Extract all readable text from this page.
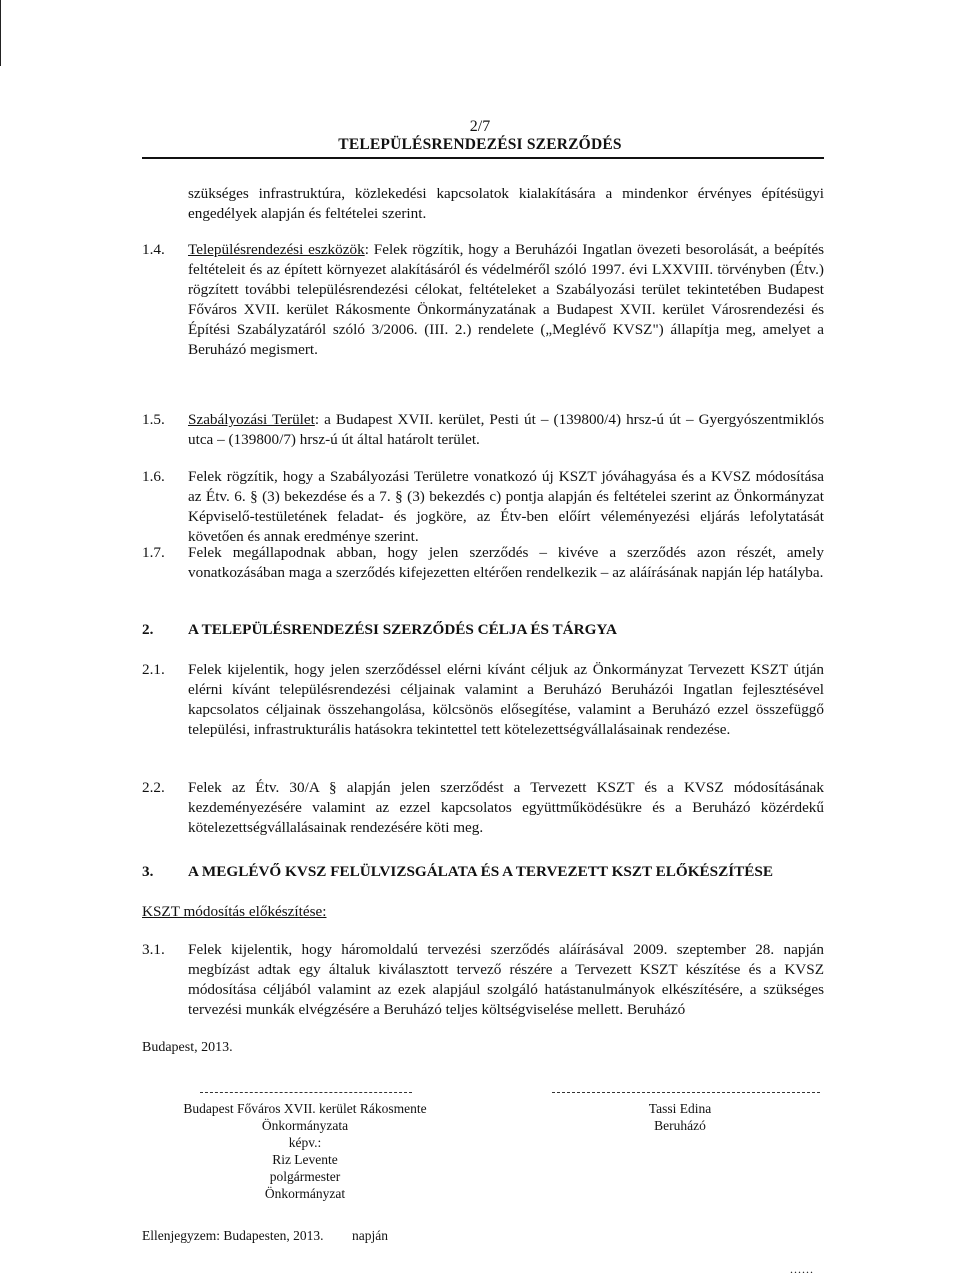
2/7
TELEPÜLÉSRENDEZÉSI SZERZŐDÉS
szükséges infrastruktúra, közlekedési kapcsolatok kialakítására a mindenkor érvényes építésügyi engedélyek alapján és feltételei szerint.
1.4. Településrendezési eszközök: Felek rögzítik, hogy a Beruházói Ingatlan övezeti besorolását, a beépítés feltételeit és az épített környezet alakításáról és védelméről szóló 1997. évi LXXVIII. törvényben (Étv.) rögzített további településrendezési célokat, feltételeket a Szabályozási terület tekintetében Budapest Főváros XVII. kerület Rákosmente Önkormányzatának a Budapest XVII. kerület Városrendezési és Építési Szabályzatáról szóló 3/2006. (III. 2.) rendelete („Meglévő KVSZ") állapítja meg, amelyet a Beruházó megismert.
1.5. Szabályozási Terület: a Budapest XVII. kerület, Pesti út – (139800/4) hrsz-ú út – Gyergyószentmiklós utca – (139800/7) hrsz-ú út által határolt terület.
1.6. Felek rögzítik, hogy a Szabályozási Területre vonatkozó új KSZT jóváhagyása és a KVSZ módosítása az Étv. 6. § (3) bekezdése és a 7. § (3) bekezdés c) pontja alapján és feltételei szerint az Önkormányzat Képviselő-testületének feladat- és jogköre, az Étv-ben előírt véleményezési eljárás lefolytatását követően és annak eredménye szerint.
1.7. Felek megállapodnak abban, hogy jelen szerződés – kivéve a szerződés azon részét, amely vonatkozásában maga a szerződés kifejezetten eltérően rendelkezik – az aláírásának napján lép hatályba.
2. A TELEPÜLÉSRENDEZÉSI SZERZŐDÉS CÉLJA ÉS TÁRGYA
2.1. Felek kijelentik, hogy jelen szerződéssel elérni kívánt céljuk az Önkormányzat Tervezett KSZT útján elérni kívánt településrendezési céljainak valamint a Beruházó Beruházói Ingatlan fejlesztésével kapcsolatos céljainak összehangolása, kölcsönös elősegítése, valamint a Beruházó ezzel összefüggő települési, infrastrukturális hatásokra tekintettel tett kötelezettségvállalásainak rendezése.
2.2. Felek az Étv. 30/A § alapján jelen szerződést a Tervezett KSZT és a KVSZ módosításának kezdeményezésére valamint az ezzel kapcsolatos együttműködésükre és a Beruházó közérdekű kötelezettségvállalásainak rendezésére köti meg.
3. A MEGLÉVŐ KVSZ FELÜLVIZSGÁLATA ÉS A TERVEZETT KSZT ELŐKÉSZÍTÉSE
KSZT módosítás előkészítése:
3.1. Felek kijelentik, hogy háromoldalú tervezési szerződés aláírásával 2009. szeptember 28. napján megbízást adtak egy általuk kiválasztott tervező részére a Tervezett KSZT készítése és a KVSZ módosítása céljából valamint az ezek alapjául szolgáló hatástanulmányok elkészítésére, a szükséges tervezési munkák elvégzésére a Beruházó teljes költségviselése mellett. Beruházó
Budapest, 2013.
Budapest Főváros XVII. kerület Rákosmente
Önkormányzata
képv.:
Riz Levente
polgármester
Önkormányzat
Tassi Edina
Beruházó
Ellenjegyzem: Budapesten, 2013. napján
......
